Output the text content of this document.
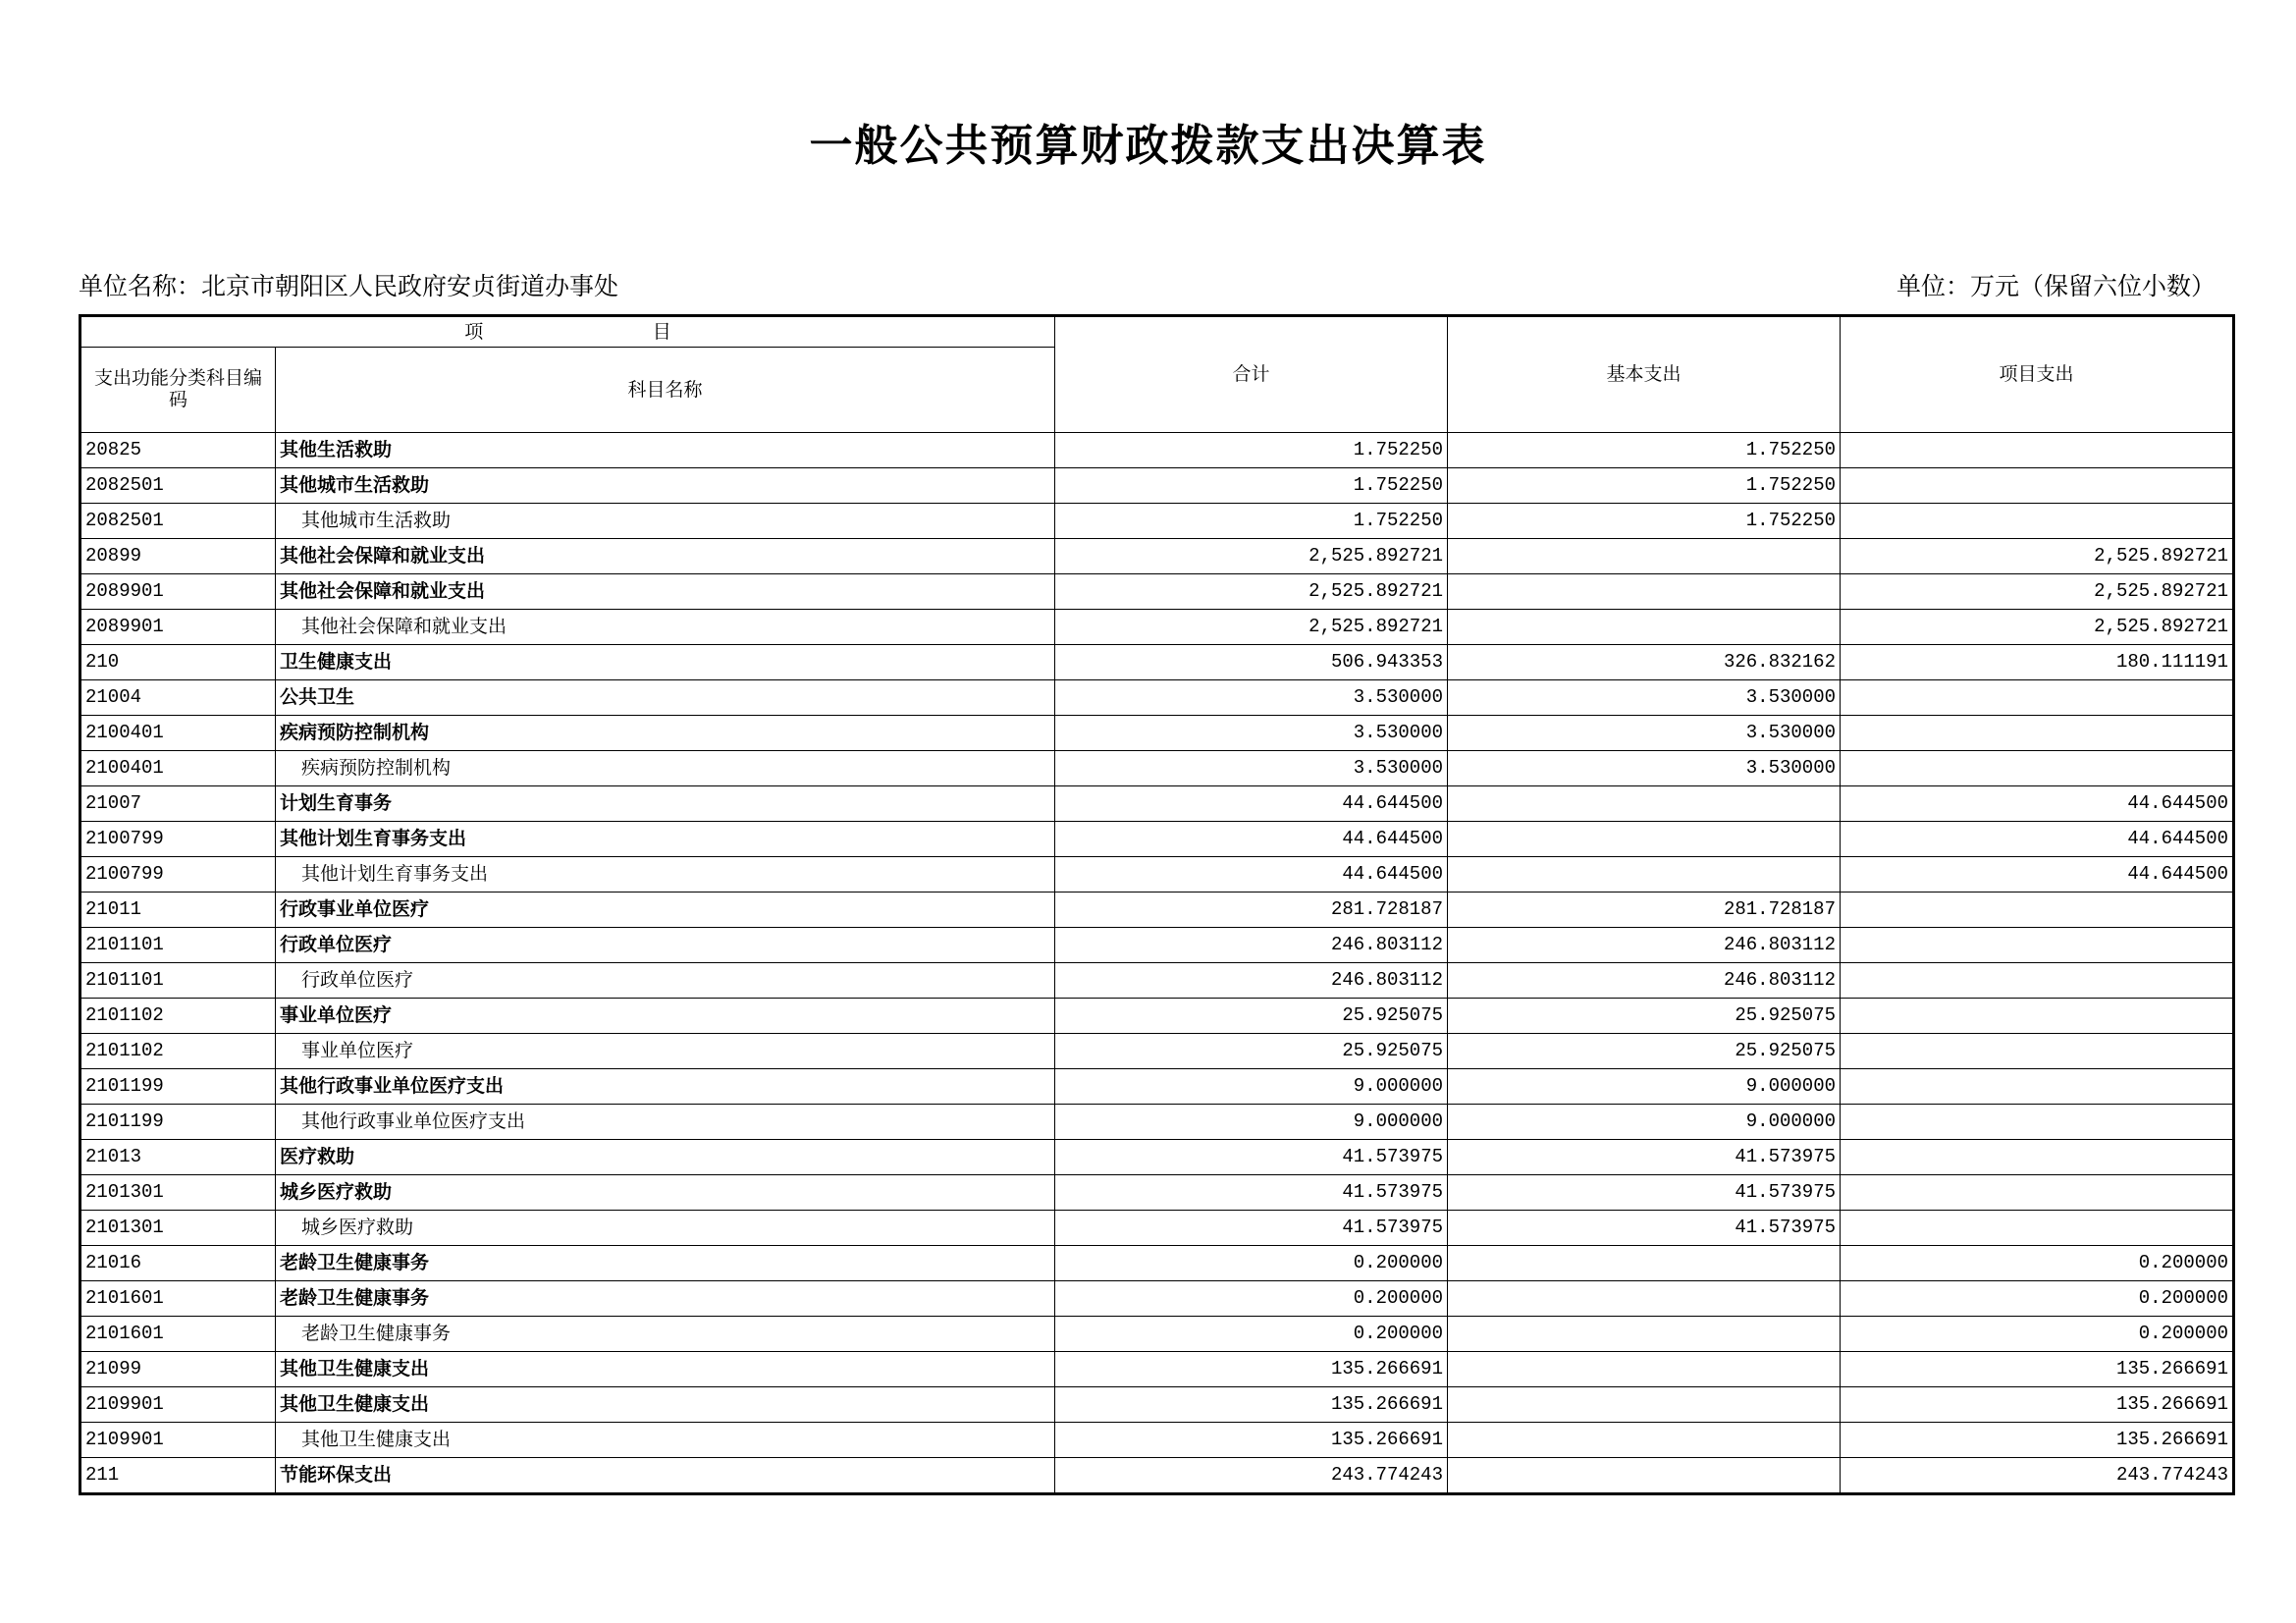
一般公共预算财政拨款支出决算表
单位名称：北京市朝阳区人民政府安贞街道办事处	单位：万元（保留六位小数）
项 目		合计	基本支出	项目支出
支出功能分类科目编码	科目名称			
20825	其他生活救助	1.752250	1.752250	
2082501	其他城市生活救助	1.752250	1.752250	
2082501	其他城市生活救助	1.752250	1.752250	
20899	其他社会保障和就业支出	2,525.892721		2,525.892721
2089901	其他社会保障和就业支出	2,525.892721		2,525.892721
2089901	其他社会保障和就业支出	2,525.892721		2,525.892721
210	卫生健康支出	506.943353	326.832162	180.111191
21004	公共卫生	3.530000	3.530000	
2100401	疾病预防控制机构	3.530000	3.530000	
2100401	疾病预防控制机构	3.530000	3.530000	
21007	计划生育事务	44.644500		44.644500
2100799	其他计划生育事务支出	44.644500		44.644500
2100799	其他计划生育事务支出	44.644500		44.644500
21011	行政事业单位医疗	281.728187	281.728187	
2101101	行政单位医疗	246.803112	246.803112	
2101101	行政单位医疗	246.803112	246.803112	
2101102	事业单位医疗	25.925075	25.925075	
2101102	事业单位医疗	25.925075	25.925075	
2101199	其他行政事业单位医疗支出	9.000000	9.000000	
2101199	其他行政事业单位医疗支出	9.000000	9.000000	
21013	医疗救助	41.573975	41.573975	
2101301	城乡医疗救助	41.573975	41.573975	
2101301	城乡医疗救助	41.573975	41.573975	
21016	老龄卫生健康事务	0.200000		0.200000
2101601	老龄卫生健康事务	0.200000		0.200000
2101601	老龄卫生健康事务	0.200000		0.200000
21099	其他卫生健康支出	135.266691		135.266691
2109901	其他卫生健康支出	135.266691		135.266691
2109901	其他卫生健康支出	135.266691		135.266691
211	节能环保支出	243.774243		243.774243
